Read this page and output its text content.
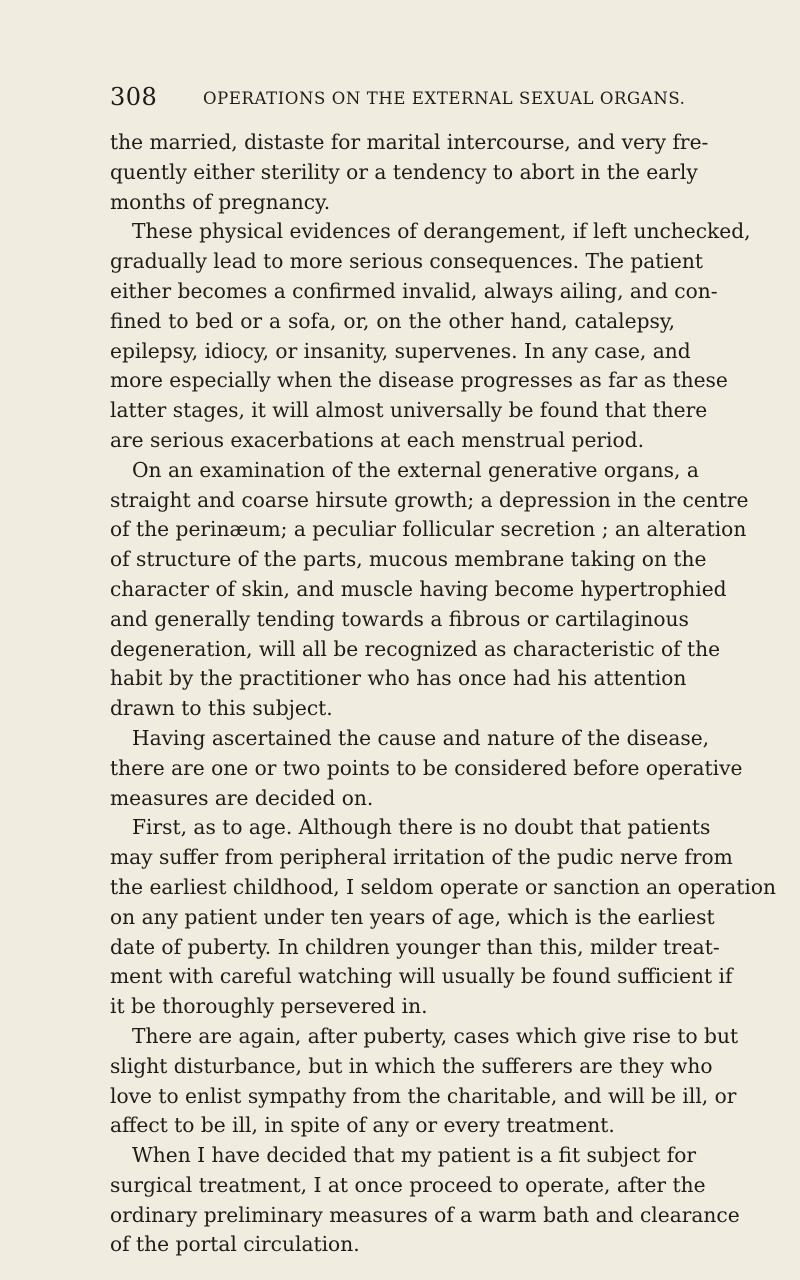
308	OPERATIONS ON THE EXTERNAL SEXUAL ORGANS.
the married, distaste for marital intercourse, and very fre-
quently either sterility or a tendency to abort in the early
months of pregnancy.
These physical evidences of derangement, if left unchecked,
gradually lead to more serious consequences. The patient
either becomes a confirmed invalid, always ailing, and con-
fined to bed or a sofa, or, on the other hand, catalepsy,
epilepsy, idiocy, or insanity, supervenes. In any case, and
more especially when the disease progresses as far as these
latter stages, it will almost universally be found that there
are serious exacerbations at each menstrual period.
On an examination of the external generative organs, a
straight and coarse hirsute growth; a depression in the centre
of the perinæum; a peculiar follicular secretion ; an alteration
of structure of the parts, mucous membrane taking on the
character of skin, and muscle having become hypertrophied
and generally tending towards a fibrous or cartilaginous
degeneration, will all be recognized as characteristic of the
habit by the practitioner who has once had his attention
drawn to this subject.
Having ascertained the cause and nature of the disease,
there are one or two points to be considered before operative
measures are decided on.
First, as to age. Although there is no doubt that patients
may suffer from peripheral irritation of the pudic nerve from
the earliest childhood, I seldom operate or sanction an operation
on any patient under ten years of age, which is the earliest
date of puberty. In children younger than this, milder treat-
ment with careful watching will usually be found sufficient if
it be thoroughly persevered in.
There are again, after puberty, cases which give rise to but
slight disturbance, but in which the sufferers are they who
love to enlist sympathy from the charitable, and will be ill, or
affect to be ill, in spite of any or every treatment.
When I have decided that my patient is a fit subject for
surgical treatment, I at once proceed to operate, after the
ordinary preliminary measures of a warm bath and clearance
of the portal circulation.
